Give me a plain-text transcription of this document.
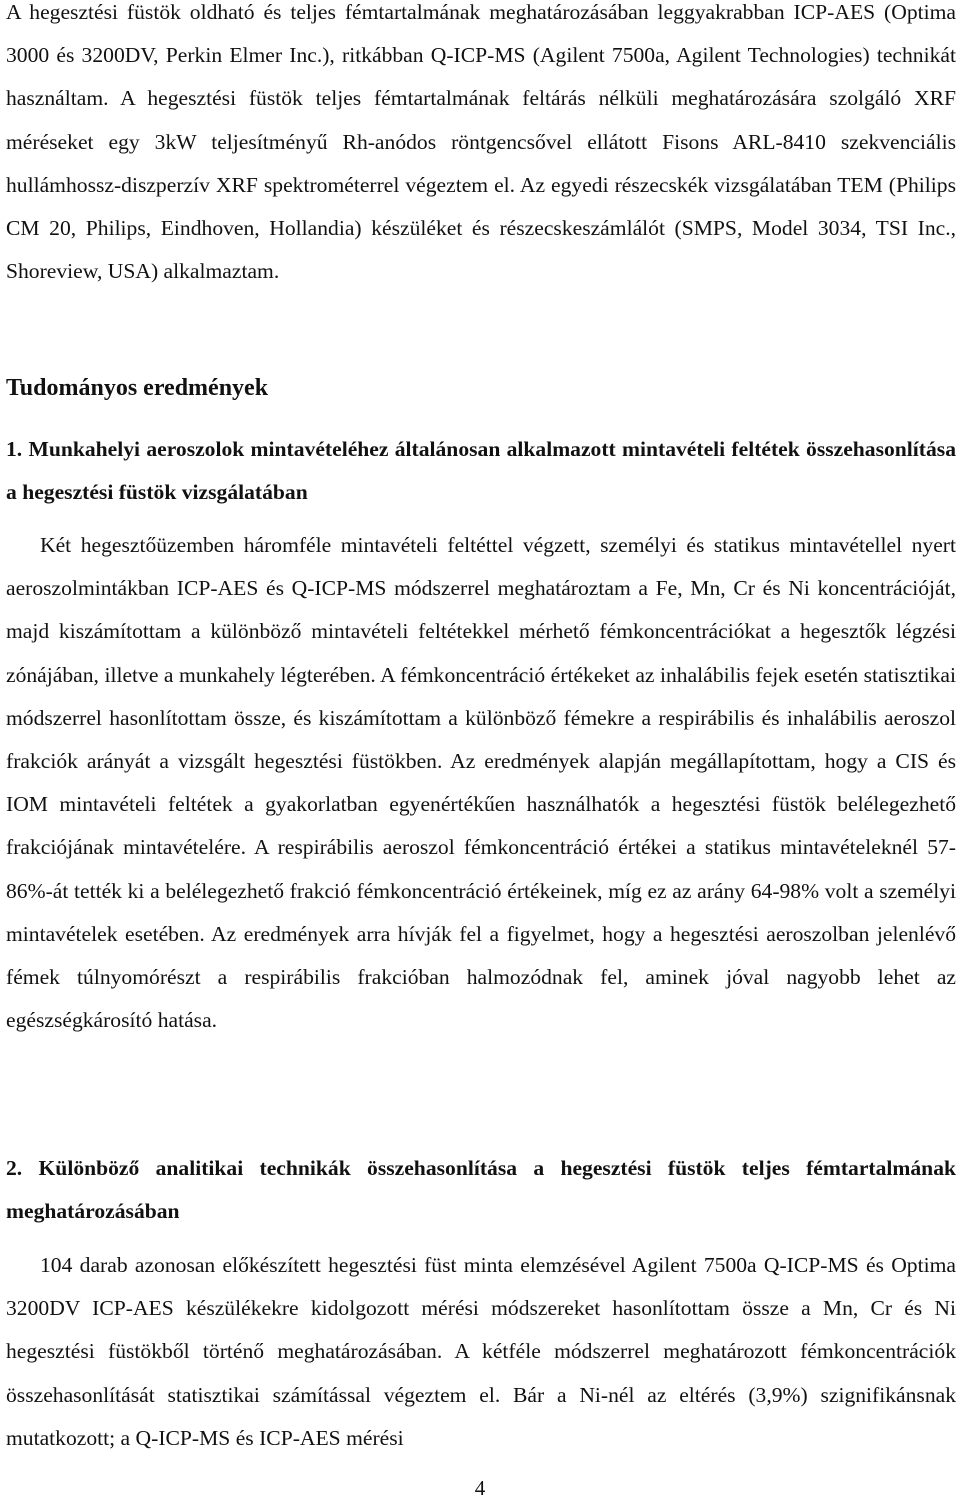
A hegesztési füstök oldható és teljes fémtartalmának meghatározásában leggyakrabban ICP-AES (Optima 3000 és 3200DV, Perkin Elmer Inc.), ritkábban Q-ICP-MS (Agilent 7500a, Agilent Technologies) technikát használtam. A hegesztési füstök teljes fémtartalmának feltárás nélküli meghatározására szolgáló XRF méréseket egy 3kW teljesítményű Rh-anódos röntgencsővel ellátott Fisons ARL-8410 szekvenciális hullámhossz-diszperzív XRF spektrométerrel végeztem el. Az egyedi részecskék vizsgálatában TEM (Philips CM 20, Philips, Eindhoven, Hollandia) készüléket és részecskeszámlálót (SMPS, Model 3034, TSI Inc., Shoreview, USA) alkalmaztam.

Tudományos eredmények
1. Munkahelyi aeroszolok mintavételéhez általánosan alkalmazott mintavételi feltétek összehasonlítása a hegesztési füstök vizsgálatában

Két hegesztőüzemben háromféle mintavételi feltéttel végzett, személyi és statikus mintavétellel nyert aeroszolmintákban ICP-AES és Q-ICP-MS módszerrel meghatároztam a Fe, Mn, Cr és Ni koncentrációját, majd kiszámítottam a különböző mintavételi feltétekkel mérhető fémkoncentrációkat a hegesztők légzési zónájában, illetve a munkahely légterében. A fémkoncentráció értékeket az inhalábilis fejek esetén statisztikai módszerrel hasonlítottam össze, és kiszámítottam a különböző fémekre a respirábilis és inhalábilis aeroszol frakciók arányát a vizsgált hegesztési füstökben. Az eredmények alapján megállapítottam, hogy a CIS és IOM mintavételi feltétek a gyakorlatban egyenértékűen használhatók a hegesztési füstök belélegezhető frakciójának mintavételére. A respirábilis aeroszol fémkoncentráció értékei a statikus mintavételeknél 57-86%-át tették ki a belélegezhető frakció fémkoncentráció értékeinek, míg ez az arány 64-98% volt a személyi mintavételek esetében. Az eredmények arra hívják fel a figyelmet, hogy a hegesztési aeroszolban jelenlévő fémek túlnyomórészt a respirábilis frakcióban halmozódnak fel, aminek jóval nagyobb lehet az egészségkárosító hatása.

2. Különböző analitikai technikák összehasonlítása a hegesztési füstök teljes fémtartalmának meghatározásában

104 darab azonosan előkészített hegesztési füst minta elemzésével Agilent 7500a Q-ICP-MS és Optima 3200DV ICP-AES készülékekre kidolgozott mérési módszereket hasonlítottam össze a Mn, Cr és Ni hegesztési füstökből történő meghatározásában. A kétféle módszerrel meghatározott fémkoncentrációk összehasonlítását statisztikai számítással végeztem el. Bár a Ni-nél az eltérés (3,9%) szignifikánsnak mutatkozott; a Q-ICP-MS és ICP-AES mérési

4
